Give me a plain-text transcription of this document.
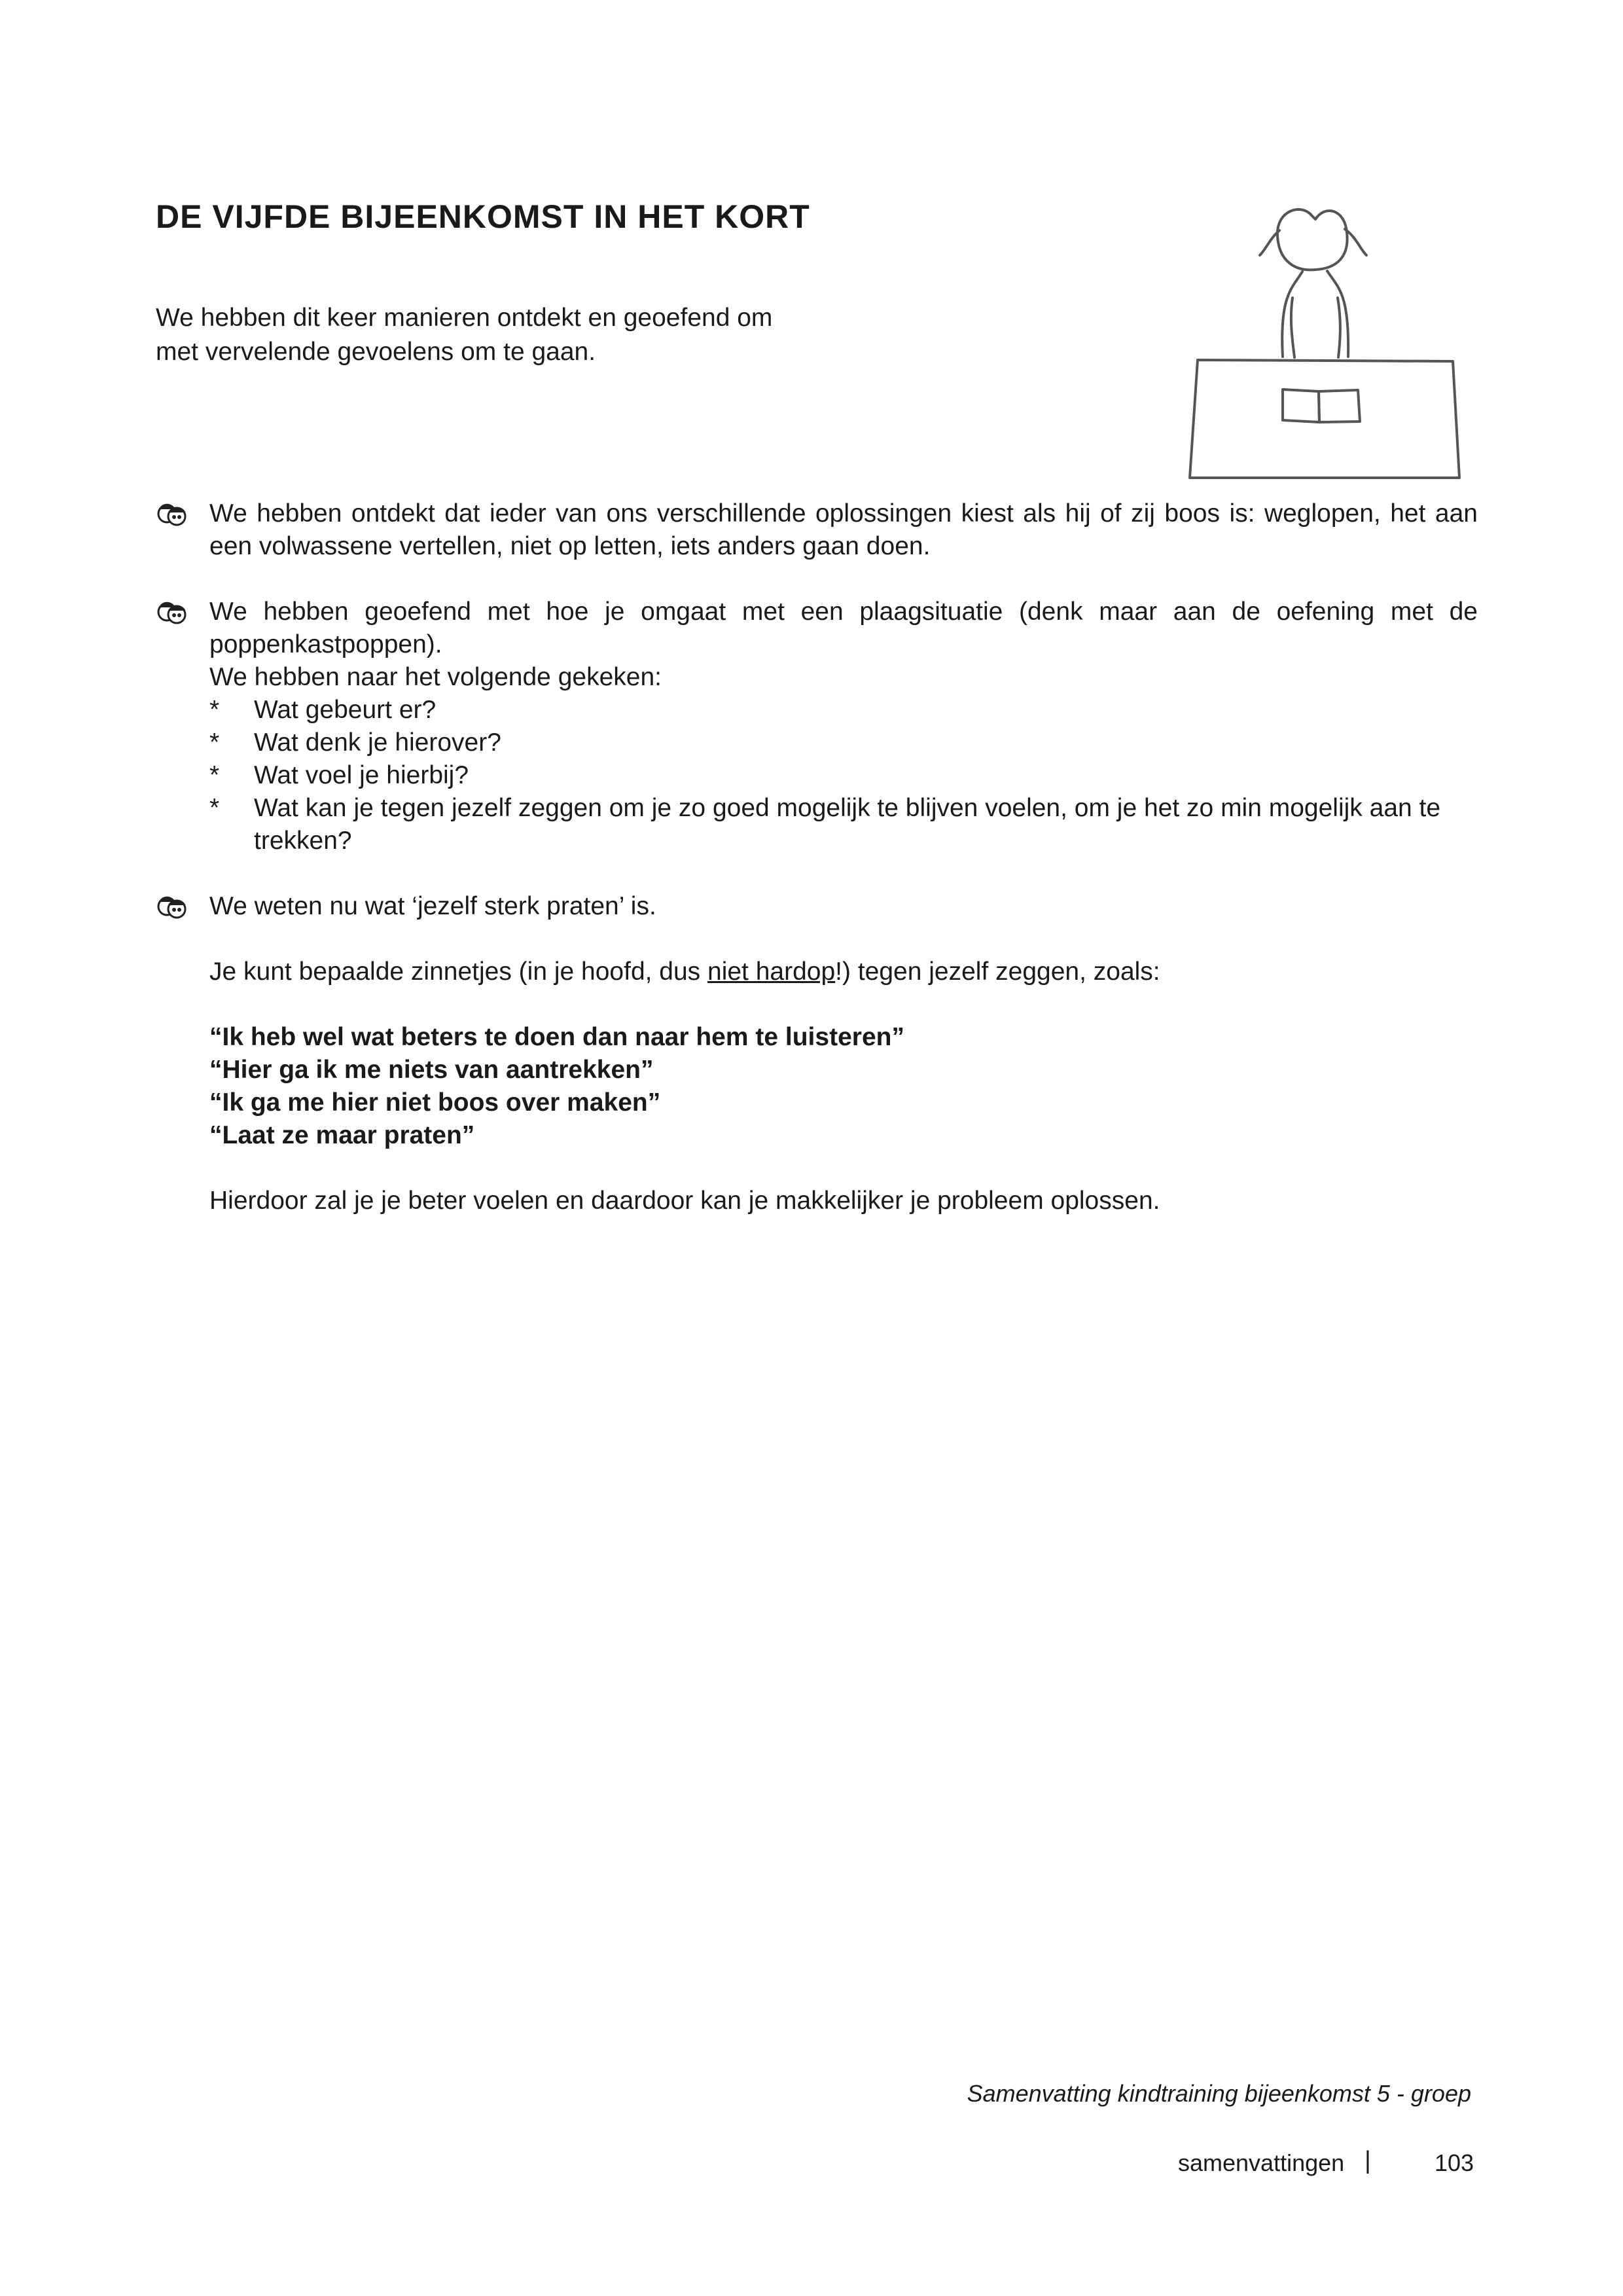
DE VIJFDE BIJEENKOMST IN HET KORT
We hebben dit keer manieren ontdekt en geoefend om
met vervelende gevoelens om te gaan.
We hebben ontdekt dat ieder van ons verschillende oplossingen kiest als hij of zij boos is: weglopen, het aan een volwassene vertellen, niet op letten, iets anders gaan doen.

We hebben geoefend met hoe je omgaat met een plaagsituatie (denk maar aan de oefening met de poppenkastpoppen).

We hebben naar het volgende gekeken:

* Wat gebeurt er?
* Wat denk je hierover?
* Wat voel je hierbij?
* Wat kan je tegen jezelf zeggen om je zo goed mogelijk te blijven voelen, om je het zo min mogelijk aan te trekken?

We weten nu wat ‘jezelf sterk praten’ is.

Je kunt bepaalde zinnetjes (in je hoofd, dus niet hardop!) tegen jezelf zeggen, zoals:

“Ik heb wel wat beters te doen dan naar hem te luisteren”
“Hier ga ik me niets van aantrekken”
“Ik ga me hier niet boos over maken”
“Laat ze maar praten”

Hierdoor zal je je beter voelen en daardoor kan je makkelijker je probleem oplossen.

Samenvatting kindtraining bijeenkomst 5 - groep
samenvattingen |	103
